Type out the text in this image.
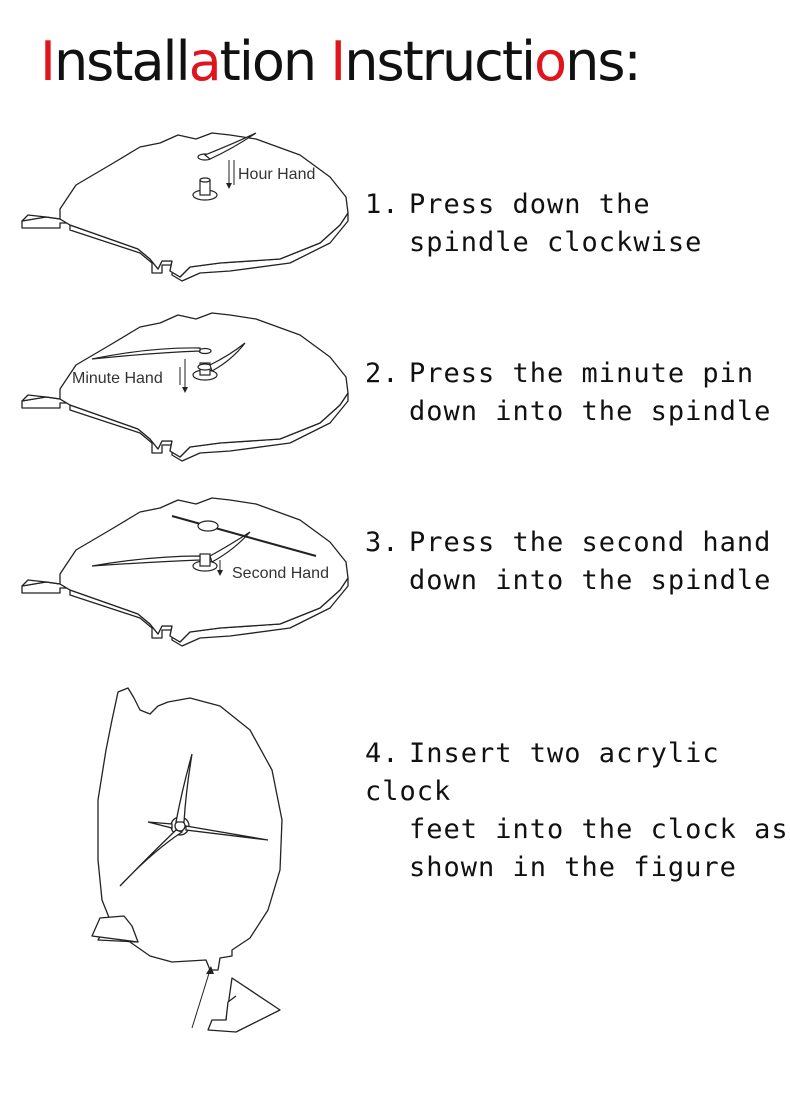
Installation Instructions:
Hour Hand
1. Press down the
spindle clockwise
Minute Hand	2. Press the minute pin
down into the spindle
Second Hand
3. Press the second hand
down into the spindle
4. Insert two acrylic clock
feet into the clock as
shown in the figure
